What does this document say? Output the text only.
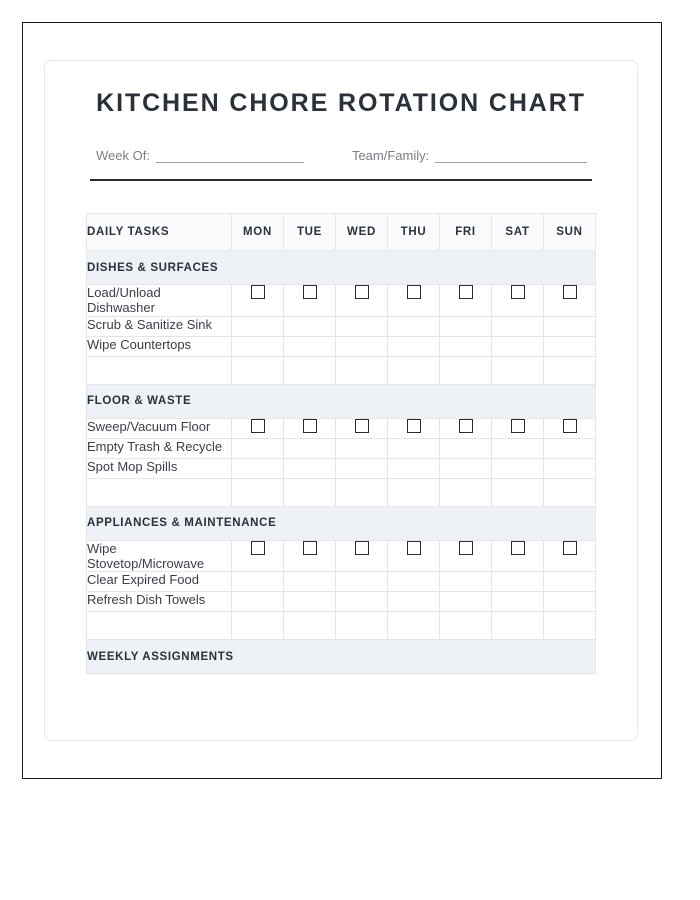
KITCHEN CHORE ROTATION CHART
Week Of:	Team/Family:
DAILY TASKS	MON	TUE	WED	THU	FRI	SAT	SUN
DISHES & SURFACES							
Load/Unload Dishwasher							
Scrub & Sanitize Sink							
Wipe Countertops							

FLOOR & WASTE							
Sweep/Vacuum Floor							
Empty Trash & Recycle							
Spot Mop Spills							

APPLIANCES & MAINTENANCE							
Wipe Stovetop/Microwave							
Clear Expired Food							
Refresh Dish Towels							

WEEKLY ASSIGNMENTS							
